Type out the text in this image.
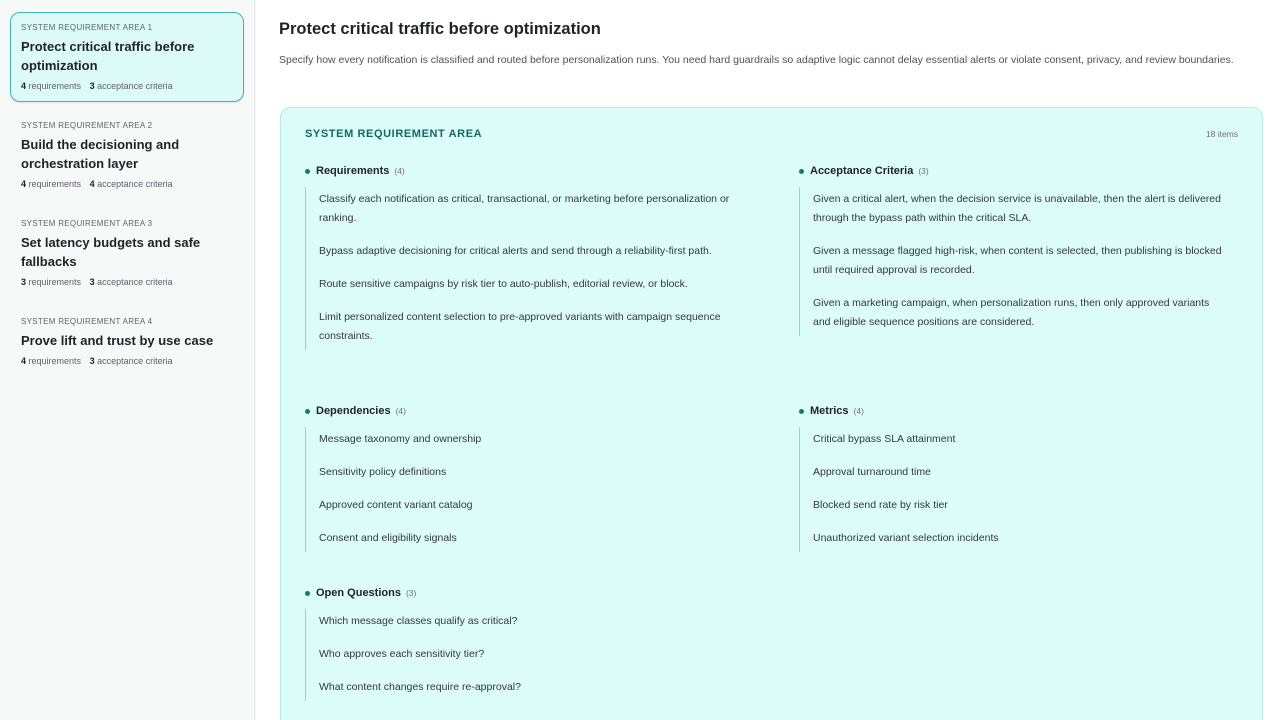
SYSTEM REQUIREMENT AREA 1
Protect critical traffic before optimization
4 requirements 3 acceptance criteria
SYSTEM REQUIREMENT AREA 2
Build the decisioning and orchestration layer
4 requirements 4 acceptance criteria
SYSTEM REQUIREMENT AREA 3
Set latency budgets and safe fallbacks
3 requirements 3 acceptance criteria
SYSTEM REQUIREMENT AREA 4
Prove lift and trust by use case
4 requirements 3 acceptance criteria
Protect critical traffic before optimization

Specify how every notification is classified and routed before personalization runs. You need hard guardrails so adaptive logic cannot delay essential alerts or violate consent, privacy, and review boundaries.

SYSTEM REQUIREMENT AREA	18 items
Requirements (4)
Classify each notification as critical, transactional, or marketing before personalization or ranking.
Bypass adaptive decisioning for critical alerts and send through a reliability-first path.
Route sensitive campaigns by risk tier to auto-publish, editorial review, or block.
Limit personalized content selection to pre-approved variants with campaign sequence constraints.
Acceptance Criteria (3)
Given a critical alert, when the decision service is unavailable, then the alert is delivered through the bypass path within the critical SLA.
Given a message flagged high-risk, when content is selected, then publishing is blocked until required approval is recorded.
Given a marketing campaign, when personalization runs, then only approved variants and eligible sequence positions are considered.
Dependencies (4)
Message taxonomy and ownership
Sensitivity policy definitions
Approved content variant catalog
Consent and eligibility signals
Metrics (4)
Critical bypass SLA attainment
Approval turnaround time
Blocked send rate by risk tier
Unauthorized variant selection incidents
Open Questions (3)
Which message classes qualify as critical?
Who approves each sensitivity tier?
What content changes require re-approval?
